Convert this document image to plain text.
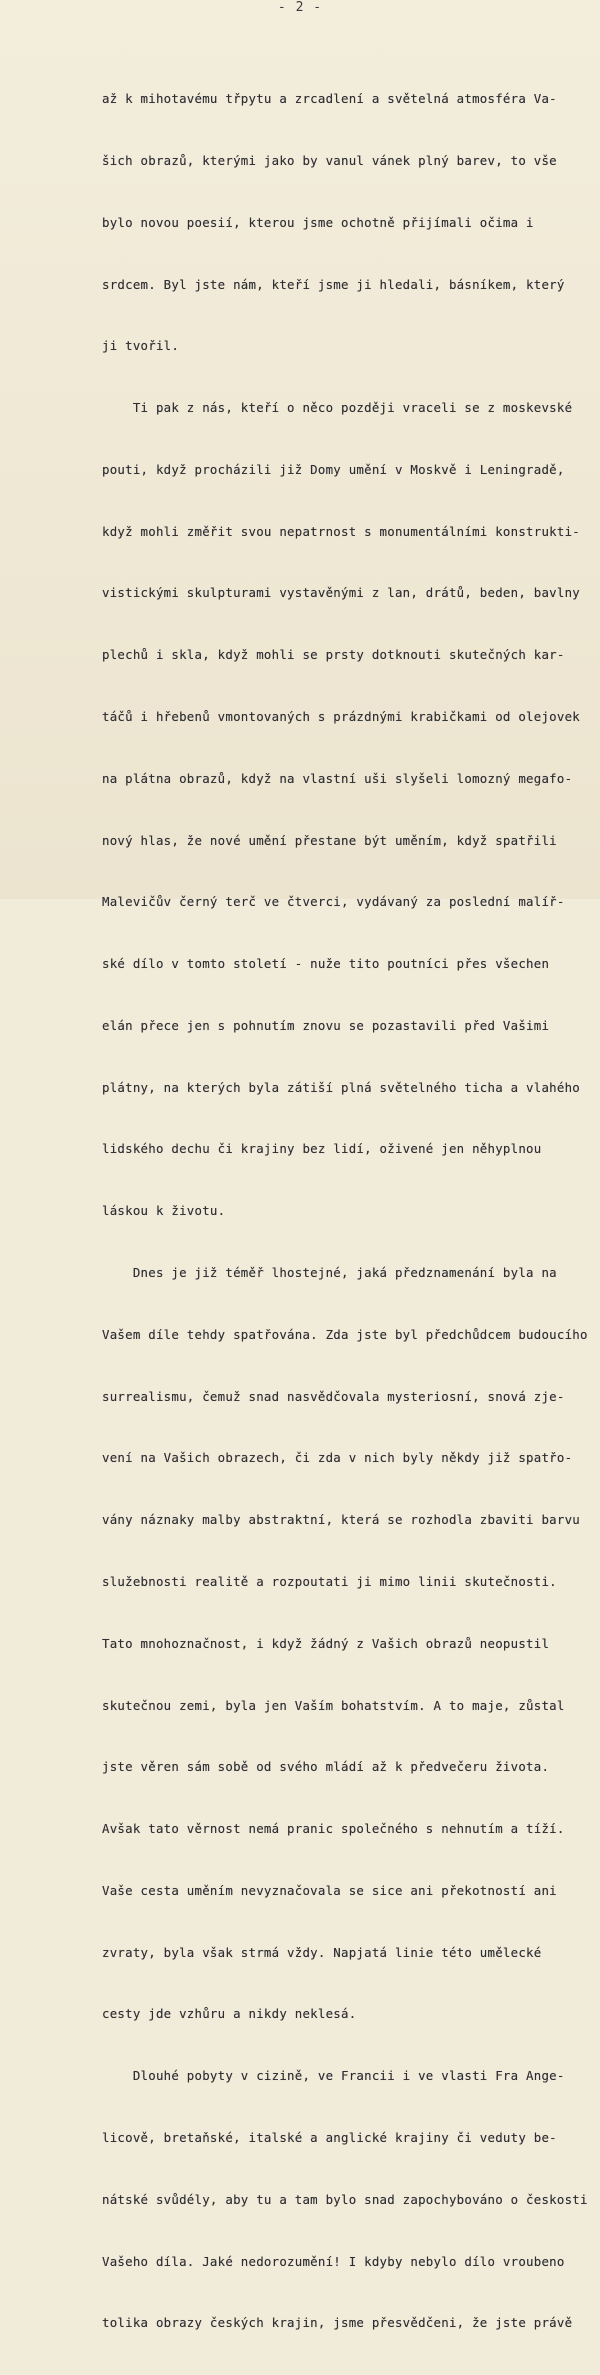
- 2 -

až k mihotavému třpytu a zrcadlení a světelná atmosféra Va-

šich obrazů, kterými jako by vanul vánek plný barev, to vše

bylo novou poesií, kterou jsme ochotně přijímali očima i

srdcem. Byl jste nám, kteří jsme ji hledali, básníkem, který

ji tvořil.

Ti pak z nás, kteří o něco později vraceli se z moskevské

pouti, když procházili již Domy umění v Moskvě i Leningradě,

když mohli změřit svou nepatrnost s monumentálními konstrukti-

vistickými skulpturami vystavěnými z lan, drátů, beden, bavlny

plechů i skla, když mohli se prsty dotknouti skutečných kar-

táčů i hřebenů vmontovaných s prázdnými krabičkami od olejovek

na plátna obrazů, když na vlastní uši slyšeli lomozný megafo-

nový hlas, že nové umění přestane být uměním, když spatřili

Malevičův černý terč ve čtverci, vydávaný za poslední malíř-

ské dílo v tomto století - nuže tito poutníci přes všechen

elán přece jen s pohnutím znovu se pozastavili před Vašimi

plátny, na kterých byla zátiší plná světelného ticha a vlahého

lidského dechu či krajiny bez lidí, oživené jen něhyplnou

láskou k životu.

Dnes je již téměř lhostejné, jaká předznamenání byla na

Vašem díle tehdy spatřována. Zda jste byl předchůdcem budoucího

surrealismu, čemuž snad nasvědčovala mysteriosní, snová zje-

vení na Vašich obrazech, či zda v nich byly někdy již spatřo-

vány náznaky malby abstraktní, která se rozhodla zbaviti barvu

služebnosti realitě a rozpoutati ji mimo linii skutečnosti.

Tato mnohoznačnost, i když žádný z Vašich obrazů neopustil

skutečnou zemi, byla jen Vaším bohatstvím. A to maje, zůstal

jste věren sám sobě od svého mládí až k předvečeru života.

Avšak tato věrnost nemá pranic společného s nehnutím a tíží.

Vaše cesta uměním nevyznačovala se sice ani překotností ani

zvraty, byla však strmá vždy. Napjatá linie této umělecké

cesty jde vzhůru a nikdy neklesá.

Dlouhé pobyty v cizině, ve Francii i ve vlasti Fra Ange-

licově, bretaňské, italské a anglické krajiny či veduty be-

nátské svůdély, aby tu a tam bylo snad zapochybováno o českosti

Vašeho díla. Jaké nedorozumění! I kdyby nebylo dílo vroubeno

tolika obrazy českých krajin, jsme přesvědčeni, že jste právě
